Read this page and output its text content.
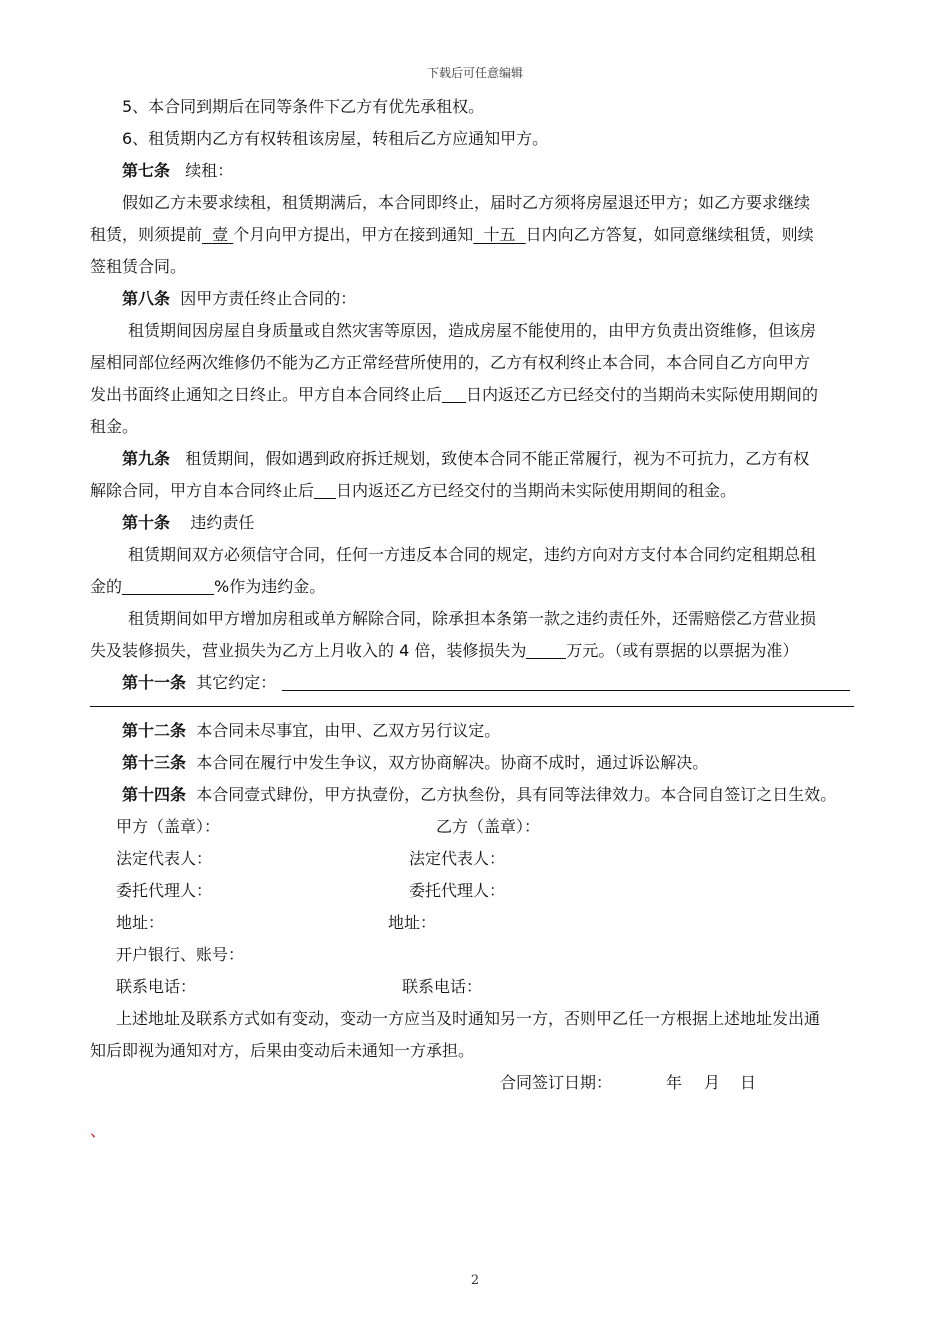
下载后可任意编辑
5、本合同到期后在同等条件下乙方有优先承租权。
6、租赁期内乙方有权转租该房屋，转租后乙方应通知甲方。
第七条 续租：
假如乙方未要求续租，租赁期满后，本合同即终止，届时乙方须将房屋退还甲方；如乙方要求继续
租赁，则须提前 壹 个月向甲方提出，甲方在接到通知 十五 日内向乙方答复，如同意继续租赁，则续
签租赁合同。
第八条 因甲方责任终止合同的：
租赁期间因房屋自身质量或自然灾害等原因，造成房屋不能使用的，由甲方负责出资维修，但该房
屋相同部位经两次维修仍不能为乙方正常经营所使用的，乙方有权利终止本合同，本合同自乙方向甲方
发出书面终止通知之日终止。甲方自本合同终止后 日内返还乙方已经交付的当期尚未实际使用期间的
租金。
第九条 租赁期间，假如遇到政府拆迁规划，致使本合同不能正常履行，视为不可抗力，乙方有权
解除合同，甲方自本合同终止后 日内返还乙方已经交付的当期尚未实际使用期间的租金。
第十条 违约责任
租赁期间双方必须信守合同，任何一方违反本合同的规定，违约方向对方支付本合同约定租期总租
金的	%作为违约金。
租赁期间如甲方增加房租或单方解除合同，除承担本条第一款之违约责任外，还需赔偿乙方营业损
失及装修损失，营业损失为乙方上月收入的 4 倍，装修损失为	万元。（或有票据的以票据为准）
第十一条 其它约定：
第十二条 本合同未尽事宜，由甲、乙双方另行议定。
第十三条 本合同在履行中发生争议，双方协商解决。协商不成时，通过诉讼解决。
第十四条 本合同壹式肆份，甲方执壹份，乙方执叁份，具有同等法律效力。本合同自签订之日生效。
甲方（盖章）：	乙方（盖章）：
法定代表人：	法定代表人：
委托代理人：	委托代理人：
地址：	地址：
开户银行、账号：
联系电话：	联系电话：
上述地址及联系方式如有变动，变动一方应当及时通知另一方，否则甲乙任一方根据上述地址发出通
知后即视为通知对方，后果由变动后未通知一方承担。
合同签订日期：	年 月 日
、
2
